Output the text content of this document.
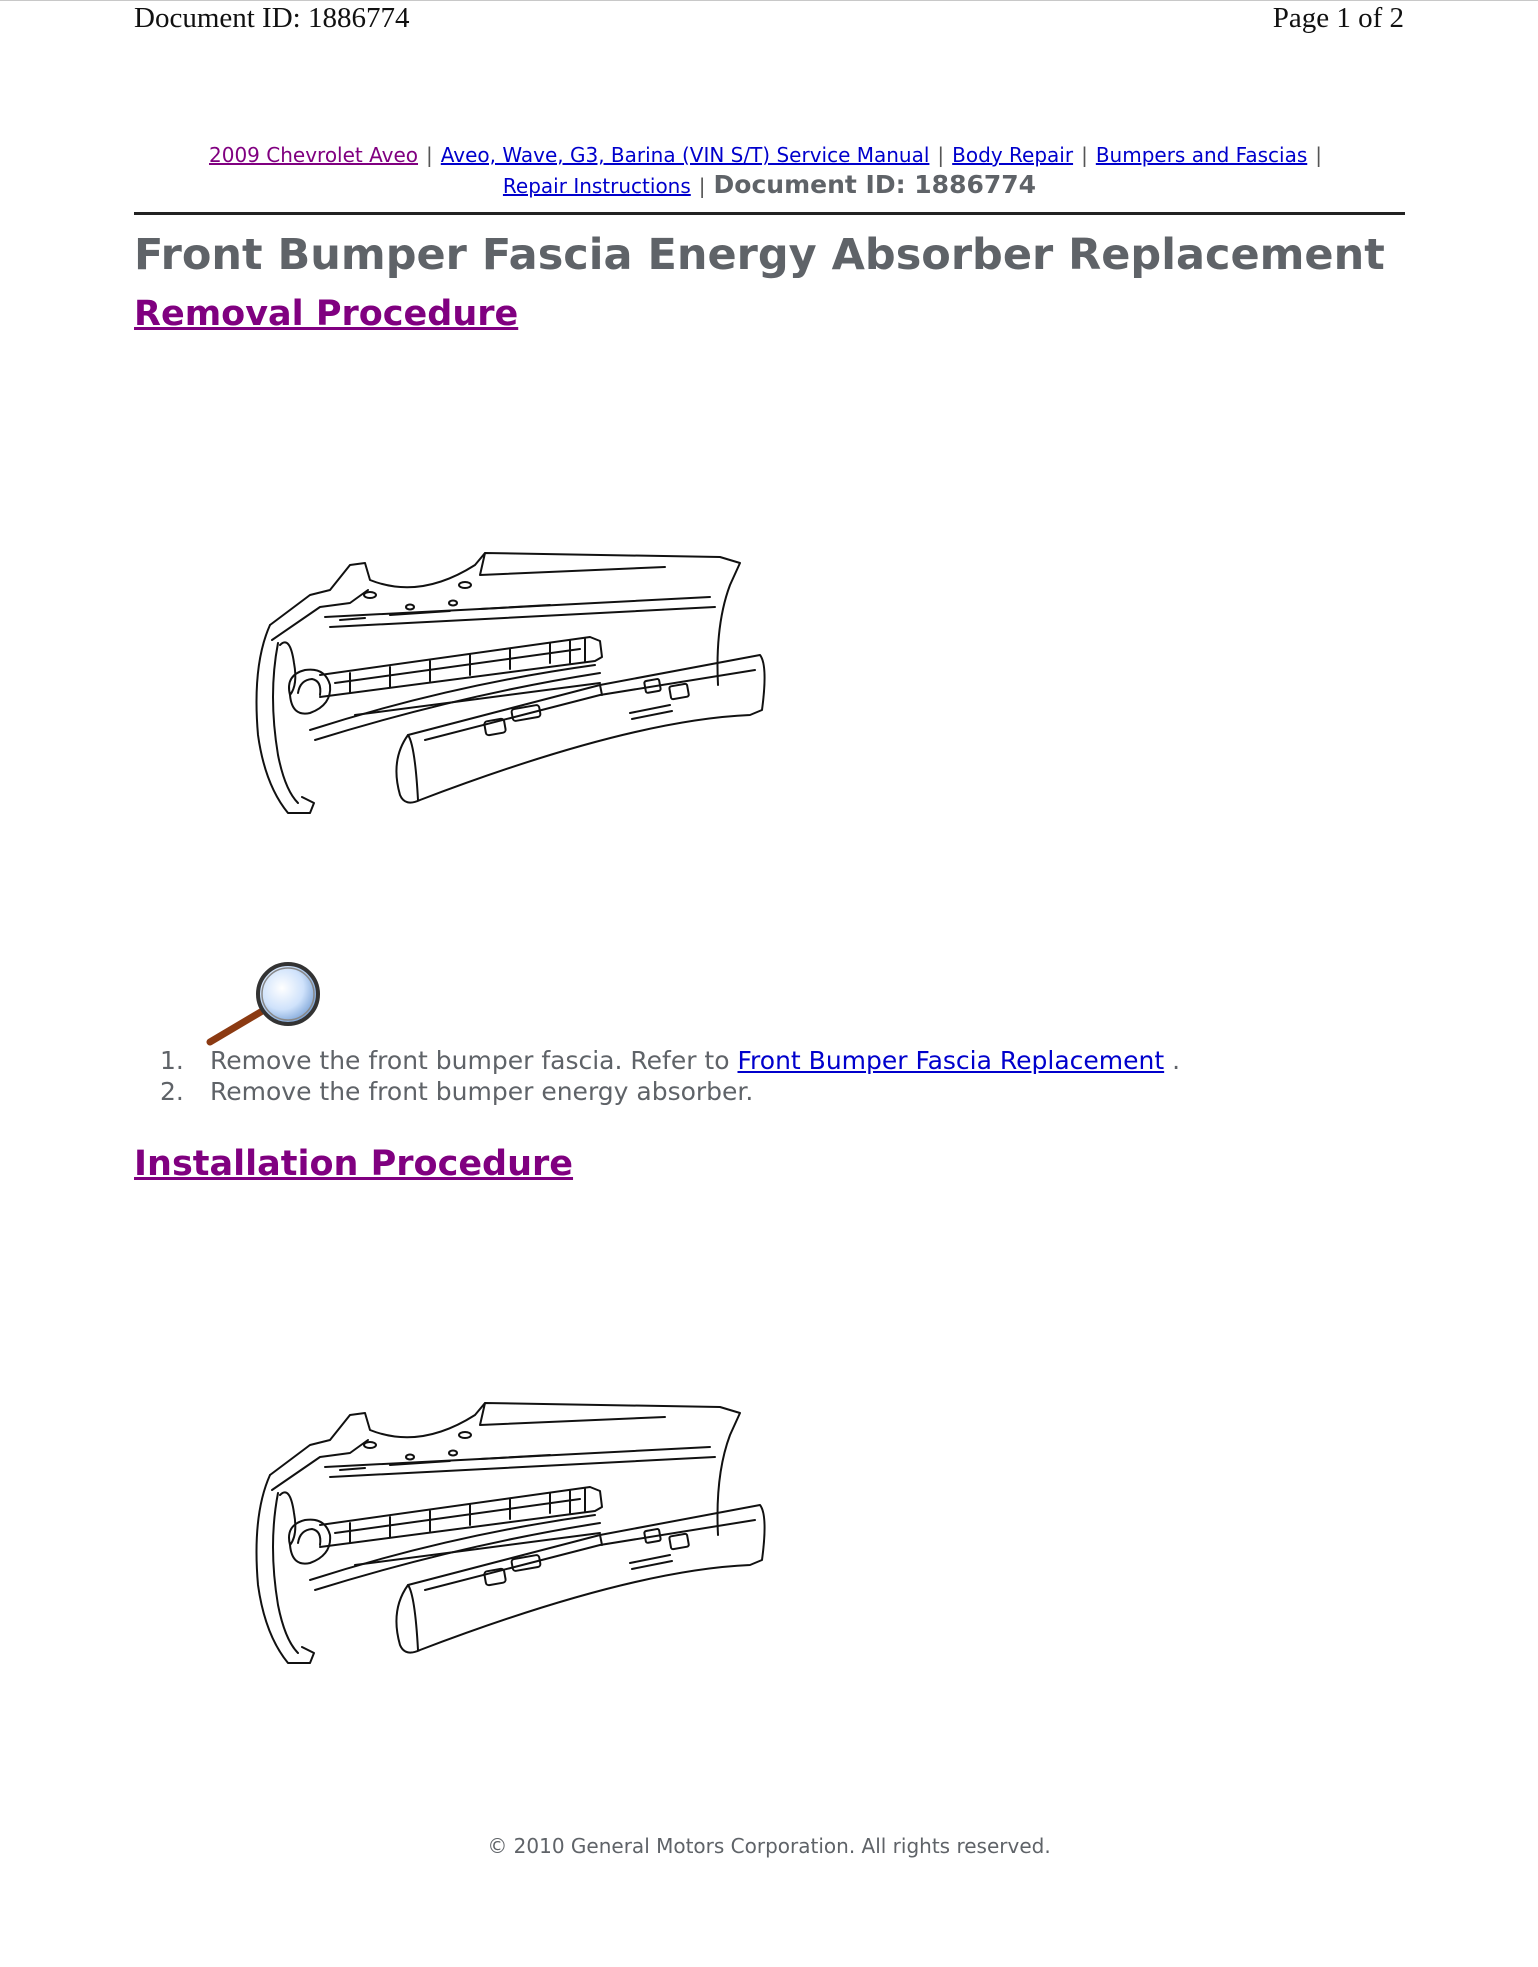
Document ID: 1886774	Page 1 of 2
2009 Chevrolet Aveo | Aveo, Wave, G3, Barina (VIN S/T) Service Manual | Body Repair | Bumpers and Fascias |
Repair Instructions | Document ID: 1886774
Front Bumper Fascia Energy Absorber Replacement
Removal Procedure
1. Remove the front bumper fascia. Refer to Front Bumper Fascia Replacement .
2. Remove the front bumper energy absorber.
Installation Procedure
© 2010 General Motors Corporation. All rights reserved.
